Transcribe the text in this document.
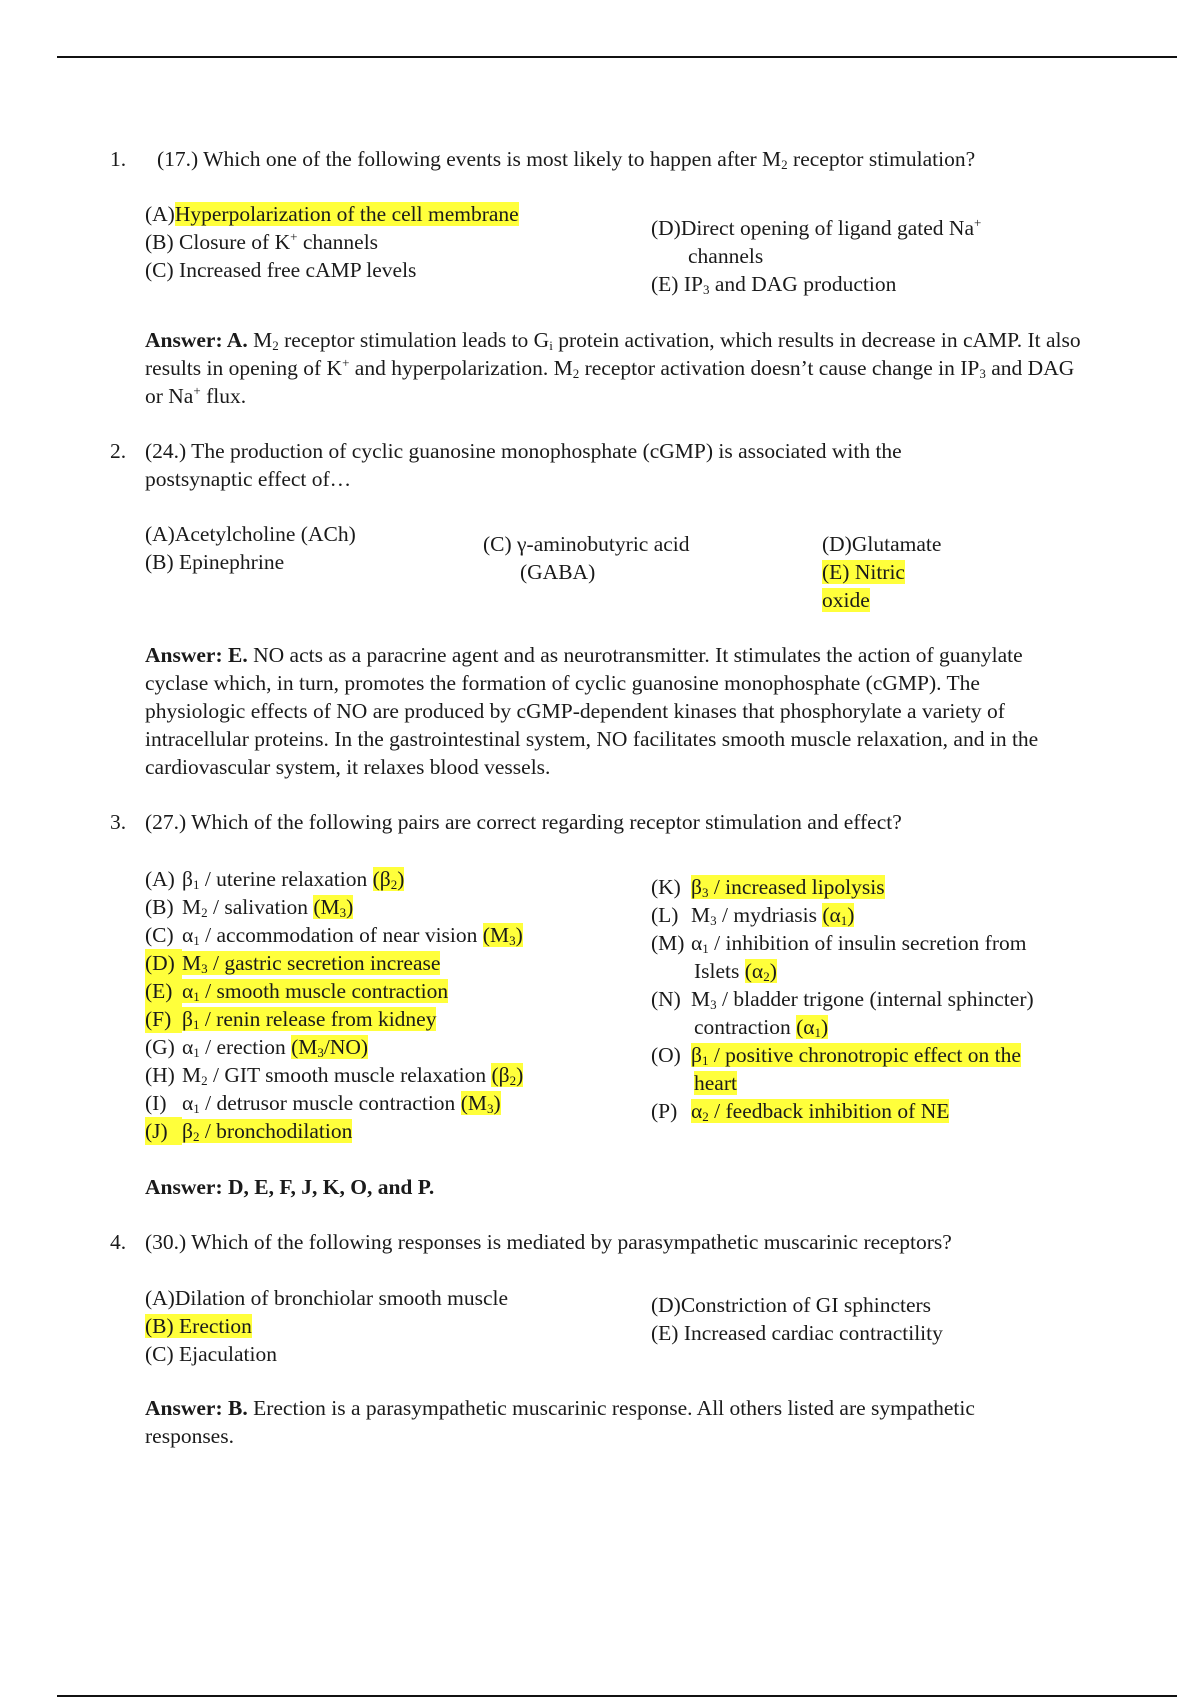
1. (17.) Which one of the following events is most likely to happen after $M_2$ receptor stimulation?
(A)Hyperpolarization of the cell membrane
(B) Closure of K+ channels
(C) Increased free cAMP levels
(D)Direct opening of ligand gated Na+
channels
(E) $IP_3$ and DAG production
Answer: A. $M_2$ receptor stimulation leads to $G_i$ protein activation, which results in decrease in cAMP. It also results in opening of K+ and hyperpolarization. $M_2$ receptor activation doesn’t cause change in $IP_3$ and DAG or Na+ flux.
2. (24.) The production of cyclic guanosine monophosphate (cGMP) is associated with the postsynaptic effect of…
(A)Acetylcholine (ACh)
(B) Epinephrine
(C) γ-aminobutyric acid
(GABA)
(D)Glutamate
(E) Nitric
oxide
Answer: E. NO acts as a paracrine agent and as neurotransmitter. It stimulates the action of guanylate cyclase which, in turn, promotes the formation of cyclic guanosine monophosphate (cGMP). The physiologic effects of NO are produced by cGMP-dependent kinases that phosphorylate a variety of intracellular proteins. In the gastrointestinal system, NO facilitates smooth muscle relaxation, and in the cardiovascular system, it relaxes blood vessels.
3. (27.) Which of the following pairs are correct regarding receptor stimulation and effect?
(A) $\beta_1$ / uterine relaxation $(\beta_2)$
(B) $M_2$ / salivation $(M_3)$
(C) $\alpha_1$ / accommodation of near vision $(M_3)$
(D) $M_3$ / gastric secretion increase
(E) $\alpha_1$ / smooth muscle contraction
(F) $\beta_1$ / renin release from kidney
(G) $\alpha_1$ / erection $(M_3/NO)$
(H) $M_2$ / GIT smooth muscle relaxation $(\beta_2)$
(I) $\alpha_1$ / detrusor muscle contraction $(M_3)$
(J) $\beta_2$ / bronchodilation
(K) $\beta_3$ / increased lipolysis
(L) $M_3$ / mydriasis $(\alpha_1)$
(M) $\alpha_1$ / inhibition of insulin secretion from
Islets $(\alpha_2)$
(N) $M_3$ / bladder trigone (internal sphincter)
contraction $(\alpha_1)$
(O) $\beta_1$ / positive chronotropic effect on the
heart
(P) $\alpha_2$ / feedback inhibition of NE
Answer: D, E, F, J, K, O, and P.
4. (30.) Which of the following responses is mediated by parasympathetic muscarinic receptors?
(A)Dilation of bronchiolar smooth muscle
(B) Erection
(C) Ejaculation
(D)Constriction of GI sphincters
(E) Increased cardiac contractility
Answer: B. Erection is a parasympathetic muscarinic response. All others listed are sympathetic responses.
